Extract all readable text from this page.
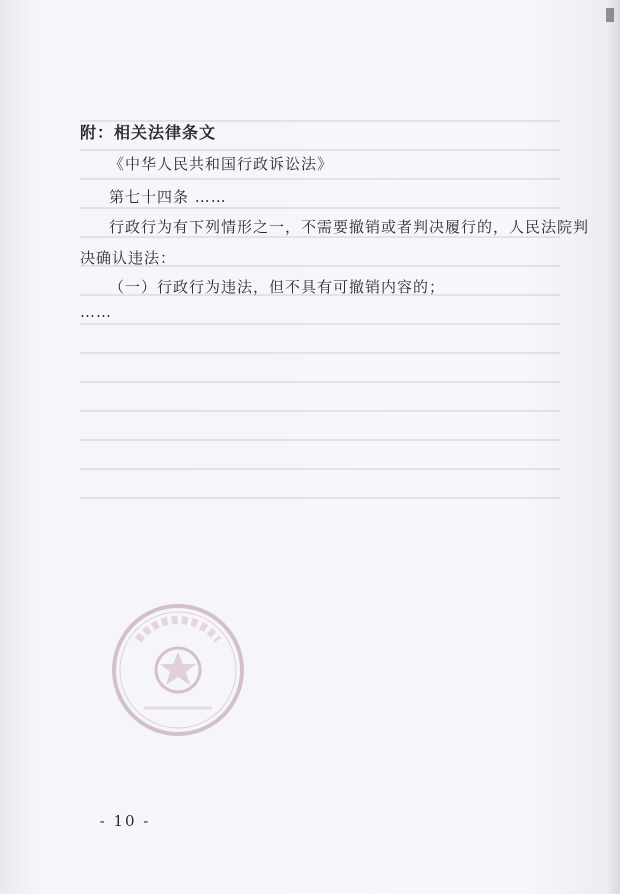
附：相关法律条文
《中华人民共和国行政诉讼法》
第七十四条 ……
行政行为有下列情形之一，不需要撤销或者判决履行的，人民法院判
决确认违法：
（一）行政行为违法，但不具有可撤销内容的；
……
- 10 -
